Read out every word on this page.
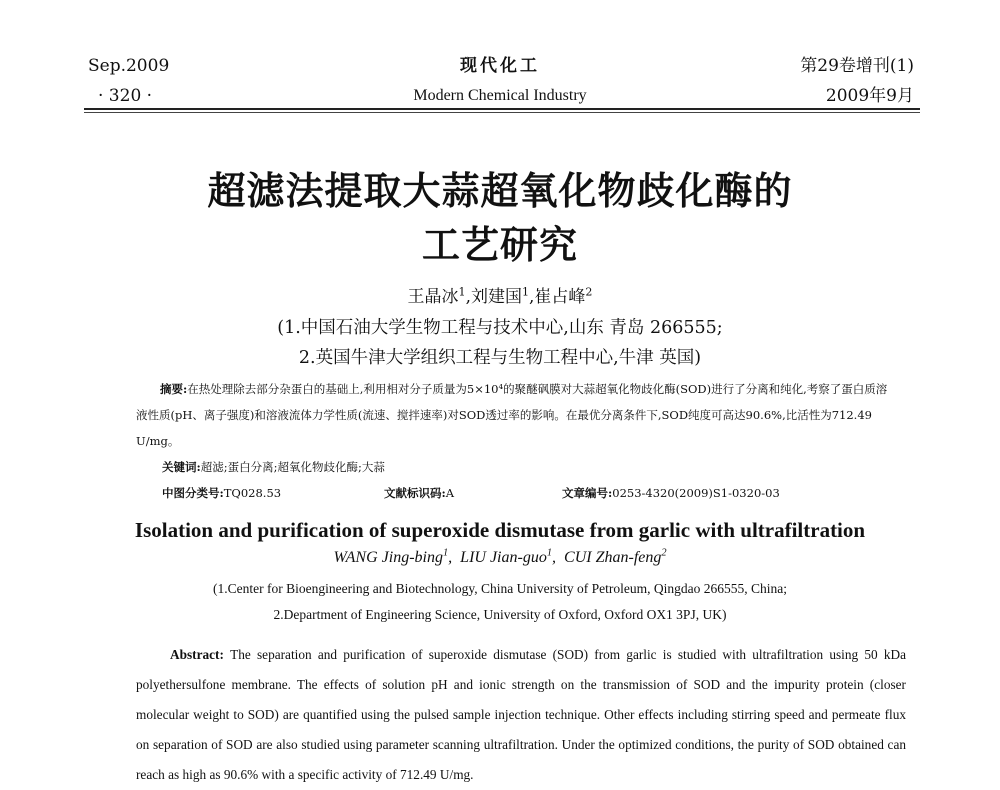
Sep.2009
· 320 ·
现代化工
Modern Chemical Industry
第29卷增刊(1)
2009年9月
超滤法提取大蒜超氧化物歧化酶的
工艺研究
王晶冰$^1$,刘建国$^1$,崔占峰$^2$
(1.中国石油大学生物工程与技术中心,山东 青岛 266555;
2.英国牛津大学组织工程与生物工程中心,牛津 英国)
摘要:在热处理除去部分杂蛋白的基础上,利用相对分子质量为5×10⁴的聚醚砜膜对大蒜超氧化物歧化酶(SOD)进行了分离和纯化,考察了蛋白质溶液性质(pH、离子强度)和溶液流体力学性质(流速、搅拌速率)对SOD透过率的影响。在最优分离条件下,SOD纯度可高达90.6%,比活性为712.49 U/mg。
关键词:超滤;蛋白分离;超氧化物歧化酶;大蒜
中图分类号:TQ028.53	文献标识码:A	文章编号:0253-4320(2009)S1-0320-03
Isolation and purification of superoxide dismutase from garlic with ultrafiltration
WANG Jing-bing$^1$,  LIU Jian-guo$^1$,  CUI Zhan-feng$^2$
(1.Center for Bioengineering and Biotechnology, China University of Petroleum, Qingdao 266555, China;
2.Department of Engineering Science, University of Oxford, Oxford OX1 3PJ, UK)
Abstract: The separation and purification of superoxide dismutase (SOD) from garlic is studied with ultrafiltration using 50 kDa polyethersulfone membrane. The effects of solution pH and ionic strength on the transmission of SOD and the impurity protein (closer molecular weight to SOD) are quantified using the pulsed sample injection technique. Other effects including stirring speed and permeate flux on separation of SOD are also studied using parameter scanning ultrafiltration. Under the optimized conditions, the purity of SOD obtained can reach as high as 90.6% with a specific activity of 712.49 U/mg.
